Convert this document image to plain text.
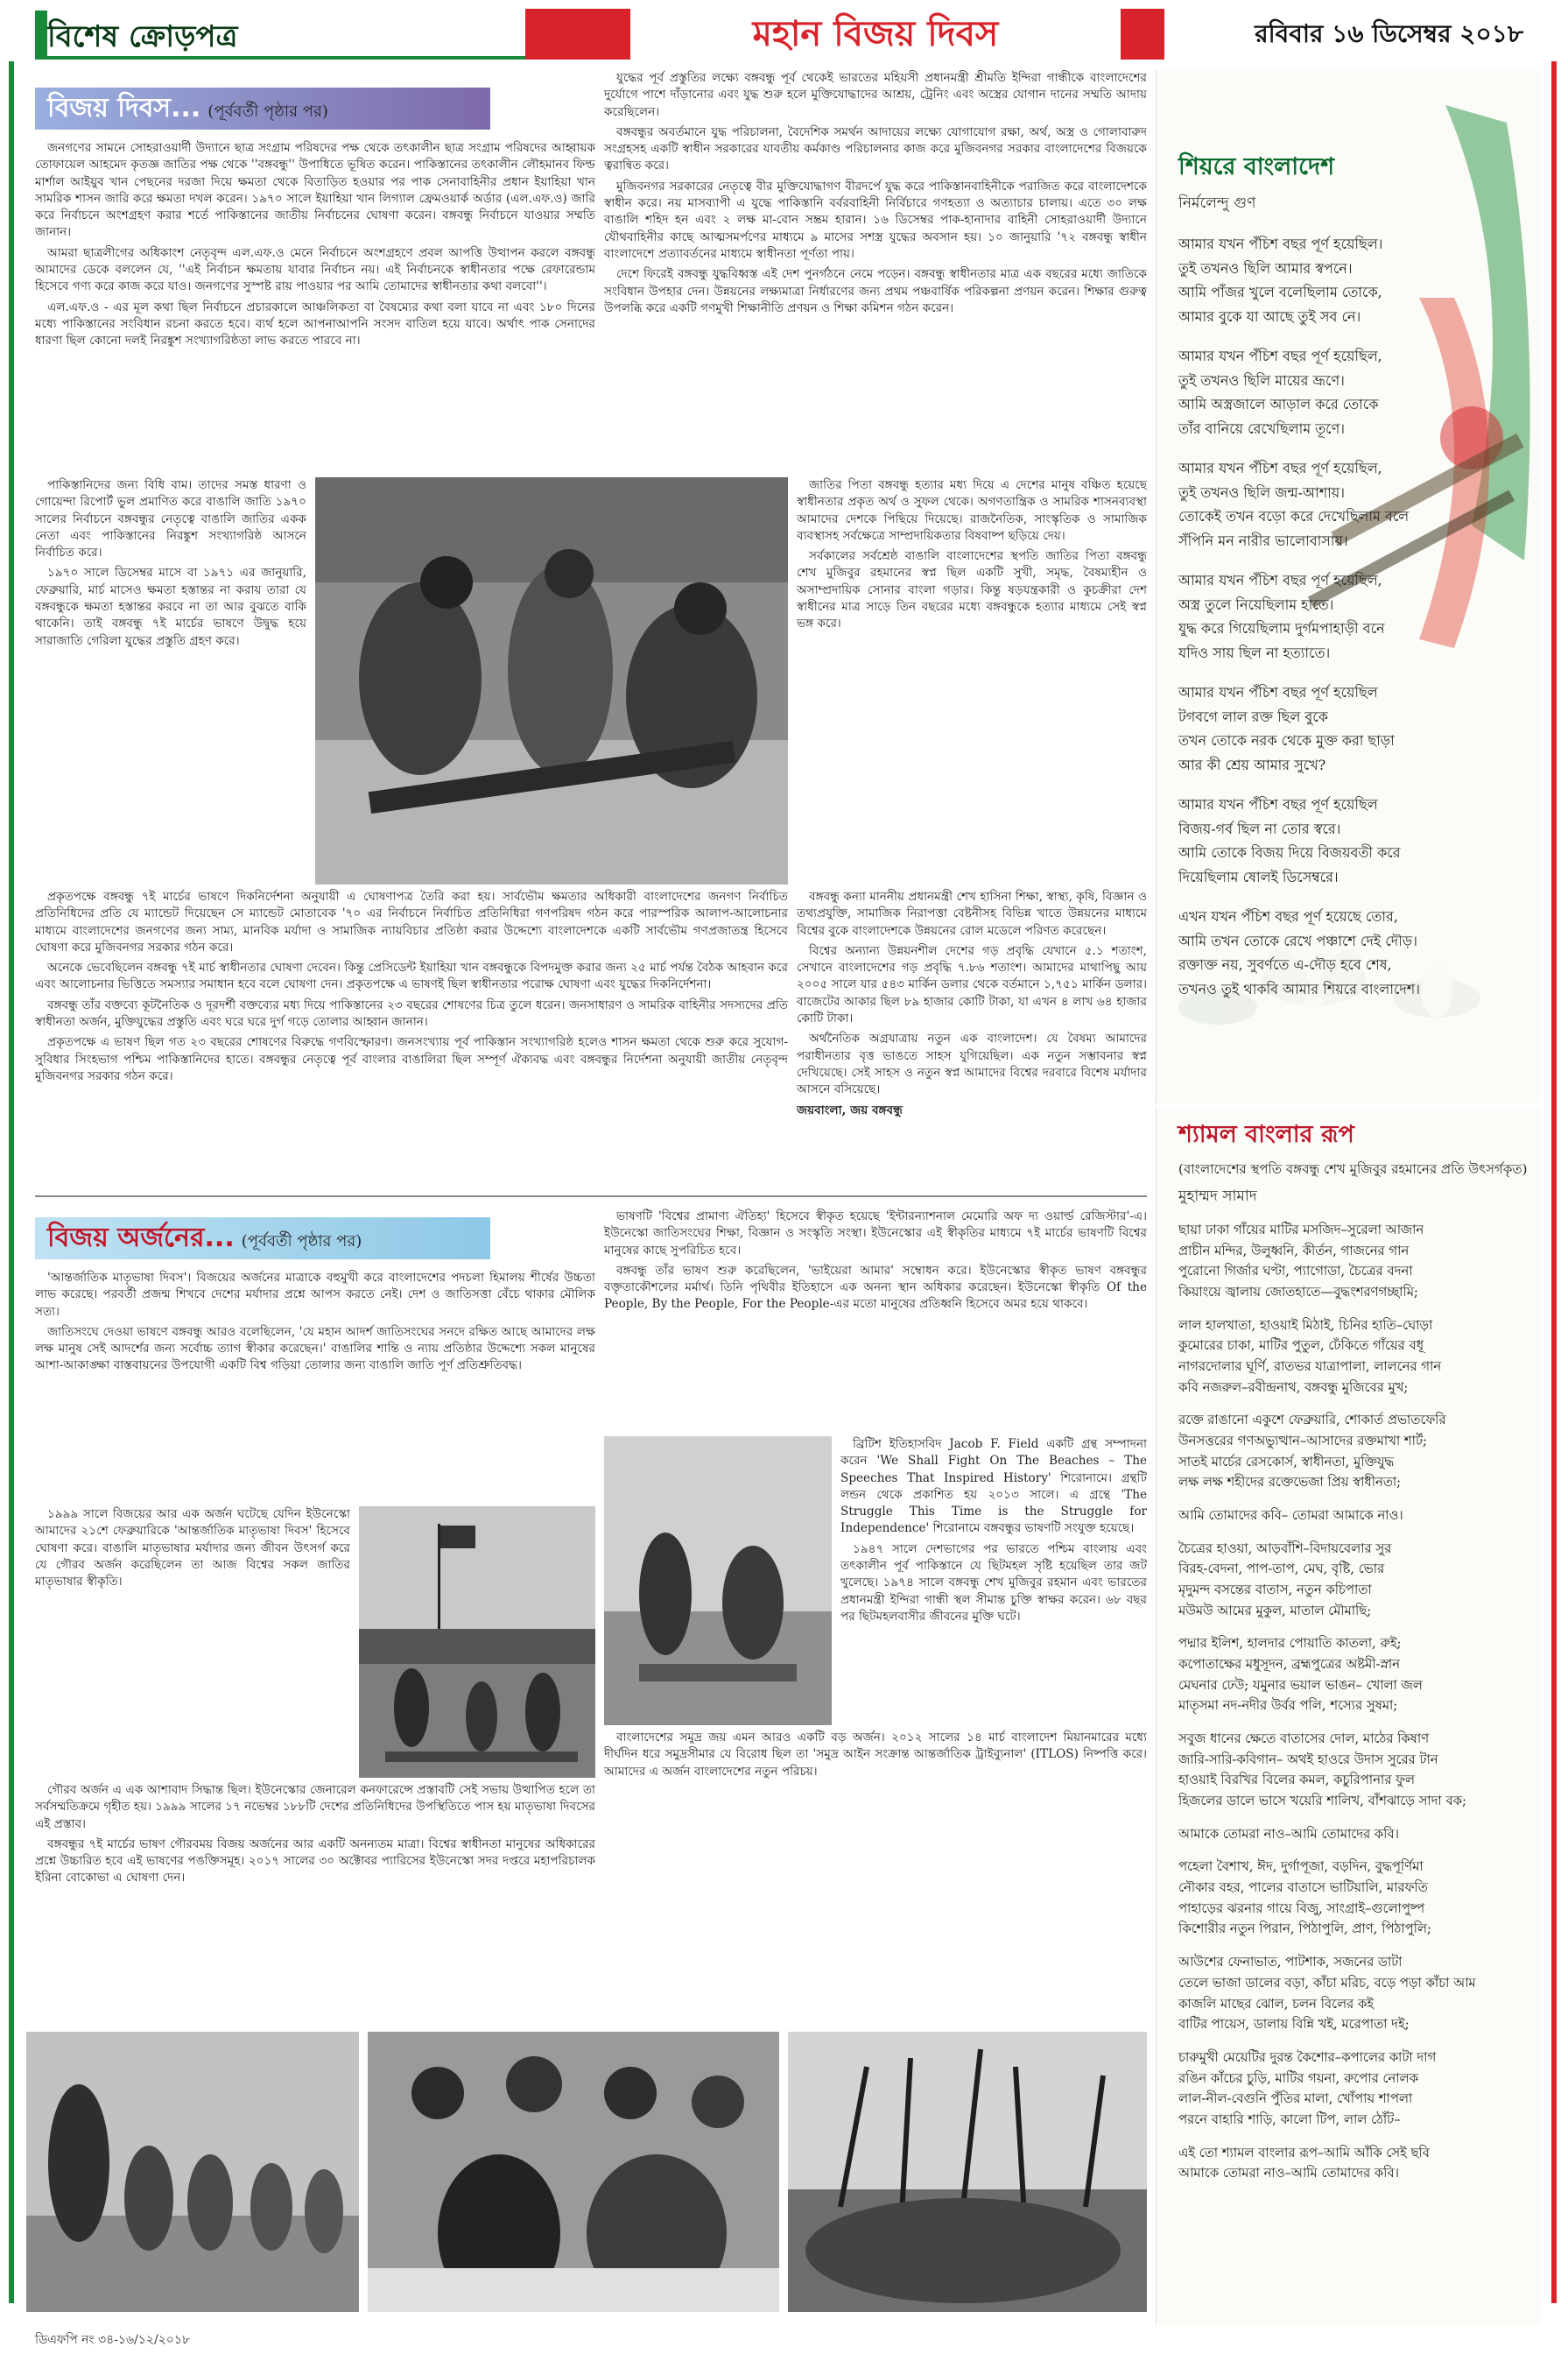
বিশেষ ক্রোড়পত্র	মহান বিজয় দিবস	রবিবার ১৬ ডিসেম্বর ২০১৮
বিজয় দিবস... (পূর্ববর্তী পৃষ্ঠার পর)

জনগণের সামনে সোহরাওয়ার্দী উদ্যানে ছাত্র সংগ্রাম পরিষদের পক্ষ থেকে তৎকালীন ছাত্র সংগ্রাম পরিষদের আহ্বায়ক তোফায়েল আহমেদ কৃতজ্ঞ জাতির পক্ষ থেকে ''বঙ্গবন্ধু'' উপাধিতে ভূষিত করেন। পাকিস্তানের তৎকালীন লৌহমানব ফিল্ড মার্শাল আইয়ুব খান পেছনের দরজা দিয়ে ক্ষমতা থেকে বিতাড়িত হওয়ার পর পাক সেনাবাহিনীর প্রধান ইয়াহিয়া খান সামরিক শাসন জারি করে ক্ষমতা দখল করেন। ১৯৭০ সালে ইয়াহিয়া খান লিগ্যাল ফ্রেমওয়ার্ক অর্ডার (এল.এফ.ও) জারি করে নির্বাচনে অংশগ্রহণ করার শর্তে পাকিস্তানের জাতীয় নির্বাচনের ঘোষণা করেন। বঙ্গবন্ধু নির্বাচনে যাওয়ার সম্মতি জানান।

আমরা ছাত্রলীগের অধিকাংশ নেতৃবৃন্দ এল.এফ.ও মেনে নির্বাচনে অংশগ্রহণে প্রবল আপত্তি উত্থাপন করলে বঙ্গবন্ধু আমাদের ডেকে বললেন যে, ''এই নির্বাচন ক্ষমতায় যাবার নির্বাচন নয়। এই নির্বাচনকে স্বাধীনতার পক্ষে রেফারেন্ডাম হিসেবে গণ্য করে কাজ করে যাও। জনগণের সুস্পষ্ট রায় পাওয়ার পর আমি তোমাদের স্বাধীনতার কথা বলবো''।

এল.এফ.ও - এর মূল কথা ছিল নির্বাচনে প্রচারকালে আঞ্চলিকতা বা বৈষম্যের কথা বলা যাবে না এবং ১৮০ দিনের মধ্যে পাকিস্তানের সংবিধান রচনা করতে হবে। ব্যর্থ হলে আপনাআপনি সংসদ বাতিল হয়ে যাবে। অর্থাৎ পাক সেনাদের ধারণা ছিল কোনো দলই নিরঙ্কুশ সংখ্যাগরিষ্ঠতা লাভ করতে পারবে না।

পাকিস্তানিদের জন্য বিধি বাম। তাদের সমস্ত ধারণা ও গোয়েন্দা রিপোর্ট ভুল প্রমাণিত করে বাঙালি জাতি ১৯৭০ সালের নির্বাচনে বঙ্গবন্ধুর নেতৃত্বে বাঙালি জাতির একক নেতা এবং পাকিস্তানের নিরঙ্কুশ সংখ্যাগরিষ্ঠ আসনে নির্বাচিত করে।

১৯৭০ সালে ডিসেম্বর মাসে বা ১৯৭১ এর জানুয়ারি, ফেব্রুয়ারি, মার্চ মাসেও ক্ষমতা হস্তান্তর না করায় তারা যে বঙ্গবন্ধুকে ক্ষমতা হস্তান্তর করবে না তা আর বুঝতে বাকি থাকেনি। তাই বঙ্গবন্ধু ৭ই মার্চের ভাষণে উদ্বুদ্ধ হয়ে সারাজাতি গেরিলা যুদ্ধের প্রস্তুতি গ্রহণ করে।

প্রকৃতপক্ষে বঙ্গবন্ধু ৭ই মার্চের ভাষণে দিকনির্দেশনা অনুযায়ী এ ঘোষণাপত্র তৈরি করা হয়। সার্বভৌম ক্ষমতার অধিকারী বাংলাদেশের জনগণ নির্বাচিত প্রতিনিধিদের প্রতি যে ম্যান্ডেট দিয়েছেন সে ম্যান্ডেট মোতাবেক '৭০ এর নির্বাচনে নির্বাচিত প্রতিনিধিরা গণপরিষদ গঠন করে পারস্পরিক আলাপ-আলোচনার মাধ্যমে বাংলাদেশের জনগণের জন্য সাম্য, মানবিক মর্যাদা ও সামাজিক ন্যায়বিচার প্রতিষ্ঠা করার উদ্দেশ্যে বাংলাদেশকে একটি সার্বভৌম গণপ্রজাতন্ত্র হিসেবে ঘোষণা করে মুজিবনগর সরকার গঠন করে।

অনেকে ভেবেছিলেন বঙ্গবন্ধু ৭ই মার্চ স্বাধীনতার ঘোষণা দেবেন। কিন্তু প্রেসিডেন্ট ইয়াহিয়া খান বঙ্গবন্ধুকে বিপদমুক্ত করার জন্য ২৫ মার্চ পর্যন্ত বৈঠক আহবান করে এবং আলোচনার ভিত্তিতে সমস্যার সমাধান হবে বলে ঘোষণা দেন। প্রকৃতপক্ষে এ ভাষণই ছিল স্বাধীনতার পরোক্ষ ঘোষণা এবং যুদ্ধের দিকনির্দেশনা।

বঙ্গবন্ধু তাঁর বক্তব্যে কূটনৈতিক ও দূরদর্শী বক্তব্যের মধ্য দিয়ে পাকিস্তানের ২৩ বছরের শোষণের চিত্র তুলে ধরেন। জনসাধারণ ও সামরিক বাহিনীর সদস্যদের প্রতি স্বাধীনতা অর্জন, মুক্তিযুদ্ধের প্রস্তুতি এবং ঘরে ঘরে দুর্গ গড়ে তোলার আহ্বান জানান।

প্রকৃতপক্ষে এ ভাষণ ছিল গত ২৩ বছরের শোষণের বিরুদ্ধে গণবিস্ফোরণ। জনসংখ্যায় পূর্ব পাকিস্তান সংখ্যাগরিষ্ঠ হলেও শাসন ক্ষমতা থেকে শুরু করে সুযোগ-সুবিধার সিংহভাগ পশ্চিম পাকিস্তানিদের হাতে। বঙ্গবন্ধুর নেতৃত্বে পূর্ব বাংলার বাঙালিরা ছিল সম্পূর্ণ ঐক্যবদ্ধ এবং বঙ্গবন্ধুর নির্দেশনা অনুযায়ী জাতীয় নেতৃবৃন্দ মুজিবনগর সরকার গঠন করে।

যুদ্ধের পূর্ব প্রস্তুতির লক্ষ্যে বঙ্গবন্ধু পূর্ব থেকেই ভারতের মহিয়সী প্রধানমন্ত্রী শ্রীমতি ইন্দিরা গান্ধীকে বাংলাদেশের দুর্যোগে পাশে দাঁড়ানোর এবং যুদ্ধ শুরু হলে মুক্তিযোদ্ধাদের আশ্রয়, ট্রেনিং এবং অস্ত্রের যোগান দানের সম্মতি আদায় করেছিলেন।

বঙ্গবন্ধুর অবর্তমানে যুদ্ধ পরিচালনা, বৈদেশিক সমর্থন আদায়ের লক্ষ্যে যোগাযোগ রক্ষা, অর্থ, অস্ত্র ও গোলাবারুদ সংগ্রহসহ একটি স্বাধীন সরকারের যাবতীয় কর্মকাণ্ড পরিচালনার কাজ করে মুজিবনগর সরকার বাংলাদেশের বিজয়কে ত্বরান্বিত করে।

মুজিবনগর সরকারের নেতৃত্বে বীর মুক্তিযোদ্ধাগণ বীরদর্পে যুদ্ধ করে পাকিস্তানবাহিনীকে পরাজিত করে বাংলাদেশকে স্বাধীন করে। নয় মাসব্যাপী এ যুদ্ধে পাকিস্তানি বর্বরবাহিনী নির্বিচারে গণহত্যা ও অত্যাচার চালায়। এতে ৩০ লক্ষ বাঙালি শহিদ হন এবং ২ লক্ষ মা-বোন সম্ভ্রম হারান। ১৬ ডিসেম্বর পাক-হানাদার বাহিনী সোহরাওয়ার্দী উদ্যানে যৌথবাহিনীর কাছে আত্মসমর্পণের মাধ্যমে ৯ মাসের সশস্ত্র যুদ্ধের অবসান হয়। ১০ জানুয়ারি '৭২ বঙ্গবন্ধু স্বাধীন বাংলাদেশে প্রত্যাবর্তনের মাধ্যমে স্বাধীনতা পূর্ণতা পায়।

দেশে ফিরেই বঙ্গবন্ধু যুদ্ধবিধ্বস্ত এই দেশ পুনর্গঠনে নেমে পড়েন। বঙ্গবন্ধু স্বাধীনতার মাত্র এক বছরের মধ্যে জাতিকে সংবিধান উপহার দেন। উন্নয়নের লক্ষ্যমাত্রা নির্ধারণের জন্য প্রথম পঞ্চবার্ষিক পরিকল্পনা প্রণয়ন করেন। শিক্ষার গুরুত্ব উপলব্ধি করে একটি গণমুখী শিক্ষানীতি প্রণয়ন ও শিক্ষা কমিশন গঠন করেন।

জাতির পিতা বঙ্গবন্ধু হত্যার মধ্য দিয়ে এ দেশের মানুষ বঞ্চিত হয়েছে স্বাধীনতার প্রকৃত অর্থ ও সুফল থেকে। অগণতান্ত্রিক ও সামরিক শাসনব্যবস্থা আমাদের দেশকে পিছিয়ে দিয়েছে। রাজনৈতিক, সাংস্কৃতিক ও সামাজিক ব্যবস্থাসহ সর্বক্ষেত্রে সাম্প্রদায়িকতার বিষবাষ্প ছড়িয়ে দেয়।

সর্বকালের সর্বশ্রেষ্ঠ বাঙালি বাংলাদেশের স্থপতি জাতির পিতা বঙ্গবন্ধু শেখ মুজিবুর রহমানের স্বপ্ন ছিল একটি সুখী, সমৃদ্ধ, বৈষম্যহীন ও অসাম্প্রদায়িক সোনার বাংলা গড়ার। কিন্তু ষড়যন্ত্রকারী ও কুচক্রীরা দেশ স্বাধীনের মাত্র সাড়ে তিন বছরের মধ্যে বঙ্গবন্ধুকে হত্যার মাধ্যমে সেই স্বপ্ন ভঙ্গ করে।

বঙ্গবন্ধু কন্যা মাননীয় প্রধানমন্ত্রী শেখ হাসিনা শিক্ষা, স্বাস্থ্য, কৃষি, বিজ্ঞান ও তথ্যপ্রযুক্তি, সামাজিক নিরাপত্তা বেষ্টনীসহ বিভিন্ন খাতে উন্নয়নের মাধ্যমে বিশ্বের বুকে বাংলাদেশকে উন্নয়নের রোল মডেলে পরিণত করেছেন।

বিশ্বের অন্যান্য উন্নয়নশীল দেশের গড় প্রবৃদ্ধি যেখানে ৫.১ শতাংশ, সেখানে বাংলাদেশের গড় প্রবৃদ্ধি ৭.৮৬ শতাংশ। আমাদের মাথাপিছু আয় ২০০৫ সালে যার ৫৪৩ মার্কিন ডলার থেকে বর্তমানে ১,৭৫১ মার্কিন ডলার। বাজেটের আকার ছিল ৮৯ হাজার কোটি টাকা, যা এখন ৪ লাখ ৬৪ হাজার কোটি টাকা।

অর্থনৈতিক অগ্রযাত্রায় নতুন এক বাংলাদেশ। যে বৈষম্য আমাদের পরাধীনতার বৃত্ত ভাঙতে সাহস যুগিয়েছিল। এক নতুন সম্ভাবনার স্বপ্ন দেখিয়েছে। সেই সাহস ও নতুন স্বপ্ন আমাদের বিশ্বের দরবারে বিশেষ মর্যাদার আসনে বসিয়েছে।

জয়বাংলা, জয় বঙ্গবন্ধু

বিজয় অর্জনের... (পূর্ববর্তী পৃষ্ঠার পর)

'আন্তর্জাতিক মাতৃভাষা দিবস'। বিজয়ের অর্জনের মাত্রাকে বহুমুখী করে বাংলাদেশের পদচলা হিমালয় শীর্ষের উচ্চতা লাভ করেছে। পরবর্তী প্রজন্ম শিখবে দেশের মর্যাদার প্রশ্নে আপস করতে নেই। দেশ ও জাতিসত্তা বেঁচে থাকার মৌলিক সত্য।

জাতিসংঘে দেওয়া ভাষণে বঙ্গবন্ধু আরও বলেছিলেন, 'যে মহান আদর্শ জাতিসংঘের সনদে রক্ষিত আছে আমাদের লক্ষ লক্ষ মানুষ সেই আদর্শের জন্য সর্বোচ্চ ত্যাগ স্বীকার করেছেন।' বাঙালির শান্তি ও ন্যায় প্রতিষ্ঠার উদ্দেশ্যে সকল মানুষের আশা-আকাঙ্ক্ষা বাস্তবায়নের উপযোগী একটি বিশ্ব গড়িয়া তোলার জন্য বাঙালি জাতি পূর্ণ প্রতিশ্রুতিবদ্ধ।

১৯৯৯ সালে বিজয়ের আর এক অর্জন ঘটেছে যেদিন ইউনেস্কো আমাদের ২১শে ফেব্রুয়ারিকে 'আন্তর্জাতিক মাতৃভাষা দিবস' হিসেবে ঘোষণা করে। বাঙালি মাতৃভাষার মর্যাদার জন্য জীবন উৎসর্গ করে যে গৌরব অর্জন করেছিলেন তা আজ বিশ্বের সকল জাতির মাতৃভাষার স্বীকৃতি।

গৌরব অর্জন এ এক আশাবাদ সিদ্ধান্ত ছিল। ইউনেস্কোর জেনারেল কনফারেন্সে প্রস্তাবটি সেই সভায় উত্থাপিত হলে তা সর্বসম্মতিক্রমে গৃহীত হয়। ১৯৯৯ সালের ১৭ নভেম্বর ১৮৮টি দেশের প্রতিনিধিদের উপস্থিতিতে পাস হয় মাতৃভাষা দিবসের এই প্রস্তাব।

বঙ্গবন্ধুর ৭ই মার্চের ভাষণ গৌরবময় বিজয় অর্জনের আর একটি অনন্যতম মাত্রা। বিশ্বের স্বাধীনতা মানুষের অধিকারের প্রশ্নে উচ্চারিত হবে এই ভাষণের পঙক্তিসমূহ। ২০১৭ সালের ৩০ অক্টোবর প্যারিসের ইউনেস্কো সদর দপ্তরে মহাপরিচালক ইরিনা বোকোভা এ ঘোষণা দেন।

ভাষণটি 'বিশ্বের প্রামাণ্য ঐতিহ্য' হিসেবে স্বীকৃত হয়েছে 'ইন্টারন্যাশনাল মেমোরি অফ দ্য ওয়ার্ল্ড রেজিস্টার'-এ। ইউনেস্কো জাতিসংঘের শিক্ষা, বিজ্ঞান ও সংস্কৃতি সংস্থা। ইউনেস্কোর এই স্বীকৃতির মাধ্যমে ৭ই মার্চের ভাষণটি বিশ্বের মানুষের কাছে সুপরিচিত হবে।

বঙ্গবন্ধু তাঁর ভাষণ শুরু করেছিলেন, 'ভাইয়েরা আমার' সম্বোধন করে। ইউনেস্কোর স্বীকৃত ভাষণ বঙ্গবন্ধুর বক্তৃতাকৌশলের মর্মার্থ। তিনি পৃথিবীর ইতিহাসে এক অনন্য স্থান অধিকার করেছেন। ইউনেস্কো স্বীকৃতি Of the People, By the People, For the People-এর মতো মানুষের প্রতিধ্বনি হিসেবে অমর হয়ে থাকবে।

ব্রিটিশ ইতিহাসবিদ Jacob F. Field একটি গ্রন্থ সম্পাদনা করেন 'We Shall Fight On The Beaches – The Speeches That Inspired History' শিরোনামে। গ্রন্থটি লন্ডন থেকে প্রকাশিত হয় ২০১৩ সালে। এ গ্রন্থে 'The Struggle This Time is the Struggle for Independence' শিরোনামে বঙ্গবন্ধুর ভাষণটি সংযুক্ত হয়েছে।

১৯৪৭ সালে দেশভাগের পর ভারতে পশ্চিম বাংলায় এবং তৎকালীন পূর্ব পাকিস্তানে যে ছিটমহল সৃষ্টি হয়েছিল তার জট খুলেছে। ১৯৭৪ সালে বঙ্গবন্ধু শেখ মুজিবুর রহমান এবং ভারতের প্রধানমন্ত্রী ইন্দিরা গান্ধী স্থল সীমান্ত চুক্তি স্বাক্ষর করেন। ৬৮ বছর পর ছিটমহলবাসীর জীবনের মুক্তি ঘটে।

বাংলাদেশের সমুদ্র জয় এমন আরও একটি বড় অর্জন। ২০১২ সালের ১৪ মার্চ বাংলাদেশ মিয়ানমারের মধ্যে দীর্ঘদিন ধরে সমুদ্রসীমার যে বিরোধ ছিল তা 'সমুদ্র আইন সংক্রান্ত আন্তর্জাতিক ট্রাইব্যুনাল' (ITLOS) নিষ্পত্তি করে। আমাদের এ অর্জন বাংলাদেশের নতুন পরিচয়।

শিয়রে বাংলাদেশ
নির্মলেন্দু গুণ
আমার যখন পঁচিশ বছর পূর্ণ হয়েছিল।
তুই তখনও ছিলি আমার স্বপনে।
আমি পাঁজর খুলে বলেছিলাম তোকে,
আমার বুকে যা আছে তুই সব নে।
আমার যখন পঁচিশ বছর পূর্ণ হয়েছিল,
তুই তখনও ছিলি মায়ের ভ্রূণে।
আমি অস্ত্রজালে আড়াল করে তোকে
তাঁর বানিয়ে রেখেছিলাম তূণে।
আমার যখন পঁচিশ বছর পূর্ণ হয়েছিল,
তুই তখনও ছিলি জন্ম-আশায়।
তোকেই তখন বড়ো করে দেখেছিলাম বলে
সঁপিনি মন নারীর ভালোবাসায়।
আমার যখন পঁচিশ বছর পূর্ণ হয়েছিল,
অস্ত্র তুলে নিয়েছিলাম হাতে।
যুদ্ধ করে গিয়েছিলাম দুর্গমপাহাড়ী বনে
যদিও সায় ছিল না হত্যাতে।
আমার যখন পঁচিশ বছর পূর্ণ হয়েছিল
টগবগে লাল রক্ত ছিল বুকে
তখন তোকে নরক থেকে মুক্ত করা ছাড়া
আর কী শ্রেয় আমার সুখে?
আমার যখন পঁচিশ বছর পূর্ণ হয়েছিল
বিজয়-গর্ব ছিল না তোর স্বরে।
আমি তোকে বিজয় দিয়ে বিজয়বতী করে
দিয়েছিলাম ষোলই ডিসেম্বরে।
এখন যখন পঁচিশ বছর পূর্ণ হয়েছে তোর,
আমি তখন তোকে রেখে পঞ্চাশে দেই দৌড়।
রক্তাক্ত নয়, সুবর্ণতে এ-দৌড় হবে শেষ,
তখনও তুই থাকবি আমার শিয়রে বাংলাদেশ।
শ্যামল বাংলার রূপ
(বাংলাদেশের স্থপতি বঙ্গবন্ধু শেখ মুজিবুর রহমানের প্রতি উৎসর্গকৃত)
মুহাম্মদ সামাদ
ছায়া ঢাকা গাঁয়ের মাটির মসজিদ–সুরেলা আজান
প্রাচীন মন্দির, উলুধ্বনি, কীর্তন, গাজনের গান
পুরোনো গির্জার ঘণ্টা, প্যাগোডা, চৈত্রের বদনা
কিয়াংয়ে জ্বালায় জোতহাতে—বুদ্ধংশরণগচ্ছামি;
লাল হালখাতা, হাওয়াই মিঠাই, চিনির হাতি–ঘোড়া
কুমোরের চাকা, মাটির পুতুল, ঢেঁকিতে গাঁয়ের বধূ
নাগরদোলার ঘূর্ণি, রাতভর যাত্রাপালা, লালনের গান
কবি নজরুল–রবীন্দ্রনাথ, বঙ্গবন্ধু মুজিবের মুখ;
রক্তে রাঙানো একুশে ফেব্রুয়ারি, শোকার্ত প্রভাতফেরি
উনসত্তরের গণঅভ্যুত্থান–আসাদের রক্তমাখা শার্ট;
সাতই মার্চের রেসকোর্স, স্বাধীনতা, মুক্তিযুদ্ধ
লক্ষ লক্ষ শহীদের রক্তেভেজা প্রিয় স্বাধীনতা;
আমি তোমাদের কবি– তোমরা আমাকে নাও।
চৈত্রের হাওয়া, আড়বাঁশি–বিদায়বেলার সুর
বিরহ-বেদনা, পাপ-তাপ, মেঘ, বৃষ্টি, ভোর
মৃদুমন্দ বসন্তের বাতাস, নতুন কচিপাতা
মউমউ আমের মুকুল, মাতাল মৌমাছি;
পদ্মার ইলিশ, হালদার পোয়াতি কাতলা, রুই;
কপোতাক্ষের মধুসূদন, ব্রহ্মপুত্রের অষ্টমী-স্নান
মেঘনার ঢেউ; যমুনার ভয়াল ভাঙন– খোলা জল
মাতৃসমা নদ-নদীর উর্বর পলি, শস্যের সুষমা;
সবুজ ধানের ক্ষেতে বাতাসের দোল, মাঠের কিষাণ
জারি-সারি-কবিগান– অথই হাওরে উদাস সুরের টান
হাওয়াই বিরখির বিলের কমল, কচুরিপানার ফুল
হিজলের ডালে ভাসে খয়েরি শালিখ, বাঁশঝাড়ে সাদা বক;
আমাকে তোমরা নাও–আমি তোমাদের কবি।
পহেলা বৈশাখ, ঈদ, দুর্গাপূজা, বড়দিন, বুদ্ধপূর্ণিমা
নৌকার বহর, পালের বাতাসে ভাটিয়ালি, মারফতি
পাহাড়ের ঝরনার গায়ে বিজু, সাংগ্রাই–গুলোপুষ্প
কিশোরীর নতুন পিরান, পিঠাপুলি, প্রাণ, পিঠাপুলি;
আউশের ফেনাভাত, পাটশাক, সজনের ডাটা
তেলে ভাজা ডালের বড়া, কাঁচা মরিচ, বড়ে পড়া কাঁচা আম
কাজলি মাছের ঝোল, চলন বিলের কই
বাটির পায়েস, ডালায় বিন্নি খই, মরেপাতা দই;
চারুমুখী মেয়েটির দুরন্ত কৈশোর–কপালের কাটা দাগ
রঙিন কাঁচের চুড়ি, মাটির গয়না, রুপোর নোলক
লাল-নীল-বেগুনি পুঁতির মালা, খোঁপায় শাপলা
পরনে বাহারি শাড়ি, কালো টিপ, লাল ঠোঁট–
এই তো শ্যামল বাংলার রূপ–আমি আঁকি সেই ছবি
আমাকে তোমরা নাও–আমি তোমাদের কবি।
ডিএফপি নং ৩৪-১৬/১২/২০১৮
